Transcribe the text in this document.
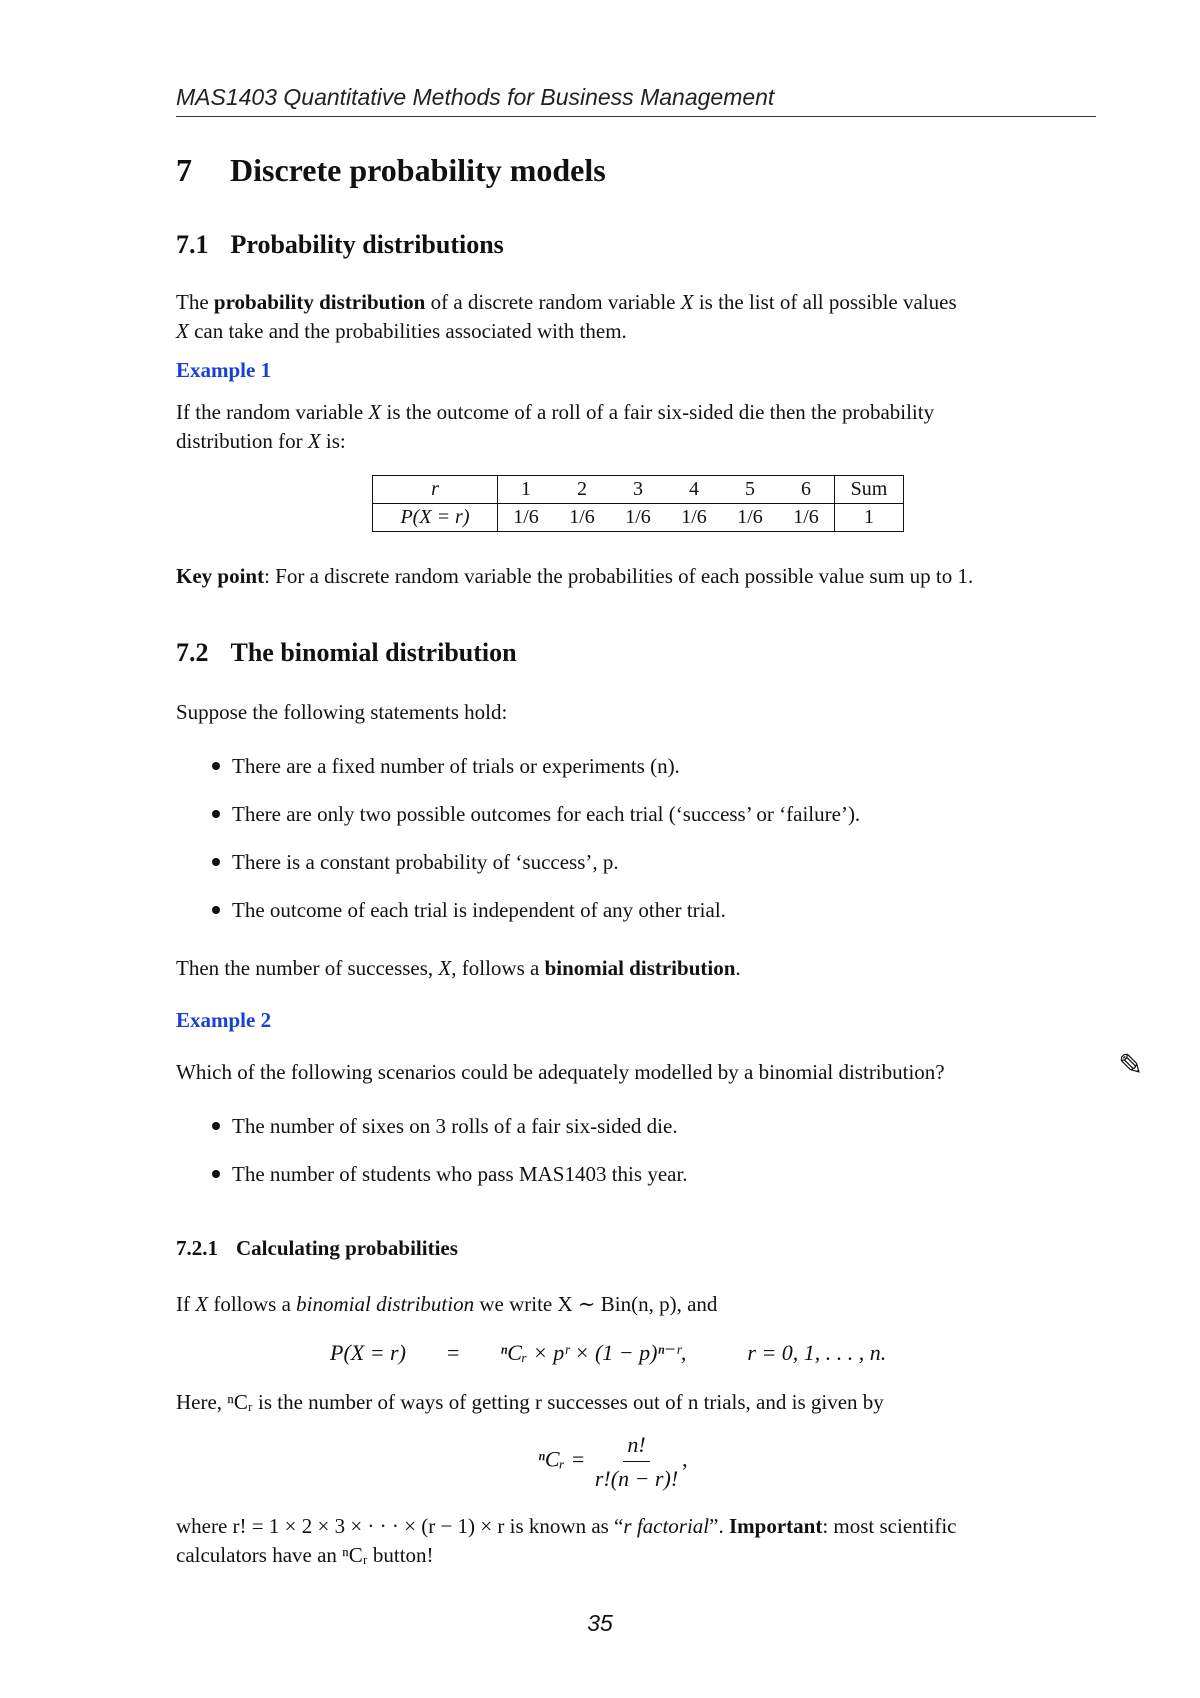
MAS1403 Quantitative Methods for Business Management
7 Discrete probability models
7.1 Probability distributions
The probability distribution of a discrete random variable X is the list of all possible values
X can take and the probabilities associated with them.
Example 1
If the random variable X is the outcome of a roll of a fair six-sided die then the probability
distribution for X is:
r	1	2	3	4	5	6	Sum
P(X = r)	1/6	1/6	1/6	1/6	1/6	1/6	1
Key point: For a discrete random variable the probabilities of each possible value sum up to 1.
7.2 The binomial distribution
Suppose the following statements hold:
There are a fixed number of trials or experiments (n).
There are only two possible outcomes for each trial (‘success’ or ‘failure’).
There is a constant probability of ‘success’, p.
The outcome of each trial is independent of any other trial.
Then the number of successes, X, follows a binomial distribution.
Example 2
Which of the following scenarios could be adequately modelled by a binomial distribution?	✎
The number of sixes on 3 rolls of a fair six-sided die.
The number of students who pass MAS1403 this year.
7.2.1 Calculating probabilities
If X follows a binomial distribution we write X ∼ Bin(n, p), and
P(X = r) = ⁿCᵣ × pʳ × (1 − p)ⁿ⁻ʳ,	r = 0, 1, . . . , n.
Here, ⁿCᵣ is the number of ways of getting r successes out of n trials, and is given by
ⁿCᵣ = $\frac{n!}{r!(n - r)!}$ ,
where r! = 1 × 2 × 3 × · · · × (r − 1) × r is known as “r factorial”. Important: most scientific
calculators have an ⁿCᵣ button!
35
